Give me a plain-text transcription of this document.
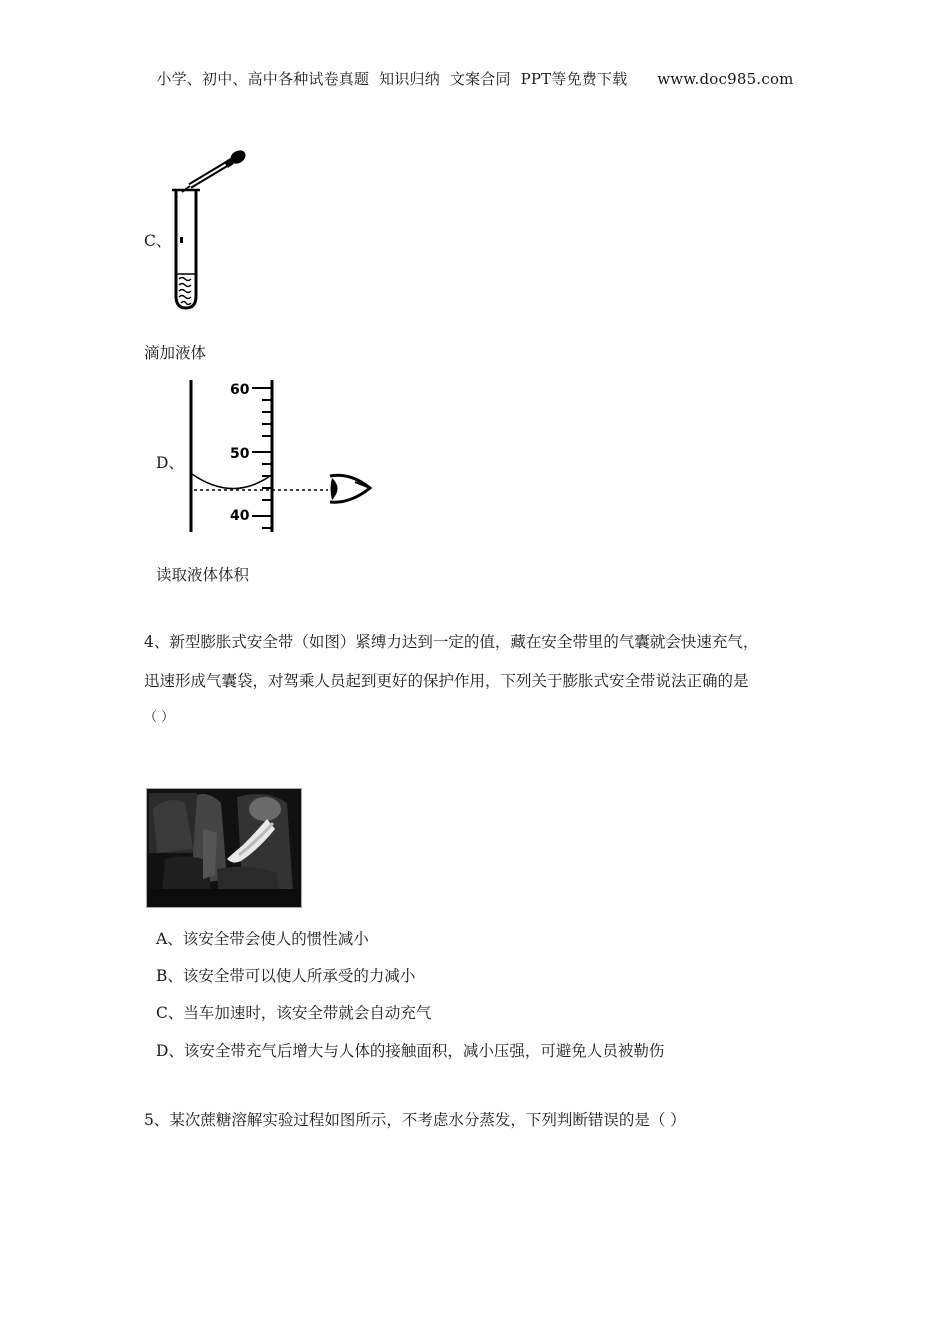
小学、初中、高中各种试卷真题  知识归纳  文案合同  PPT等免费下载      www.doc985.com
C、
滴加液体
D、
60
50
40
读取液体体积
4、新型膨胀式安全带（如图）紧缚力达到一定的值，藏在安全带里的气囊就会快速充气，
迅速形成气囊袋，对驾乘人员起到更好的保护作用，下列关于膨胀式安全带说法正确的是
（ ）
A、该安全带会使人的惯性减小
B、该安全带可以使人所承受的力减小
C、当车加速时，该安全带就会自动充气
D、该安全带充气后增大与人体的接触面积，减小压强，可避免人员被勒伤
5、某次蔗糖溶解实验过程如图所示，不考虑水分蒸发，下列判断错误的是（ ）
